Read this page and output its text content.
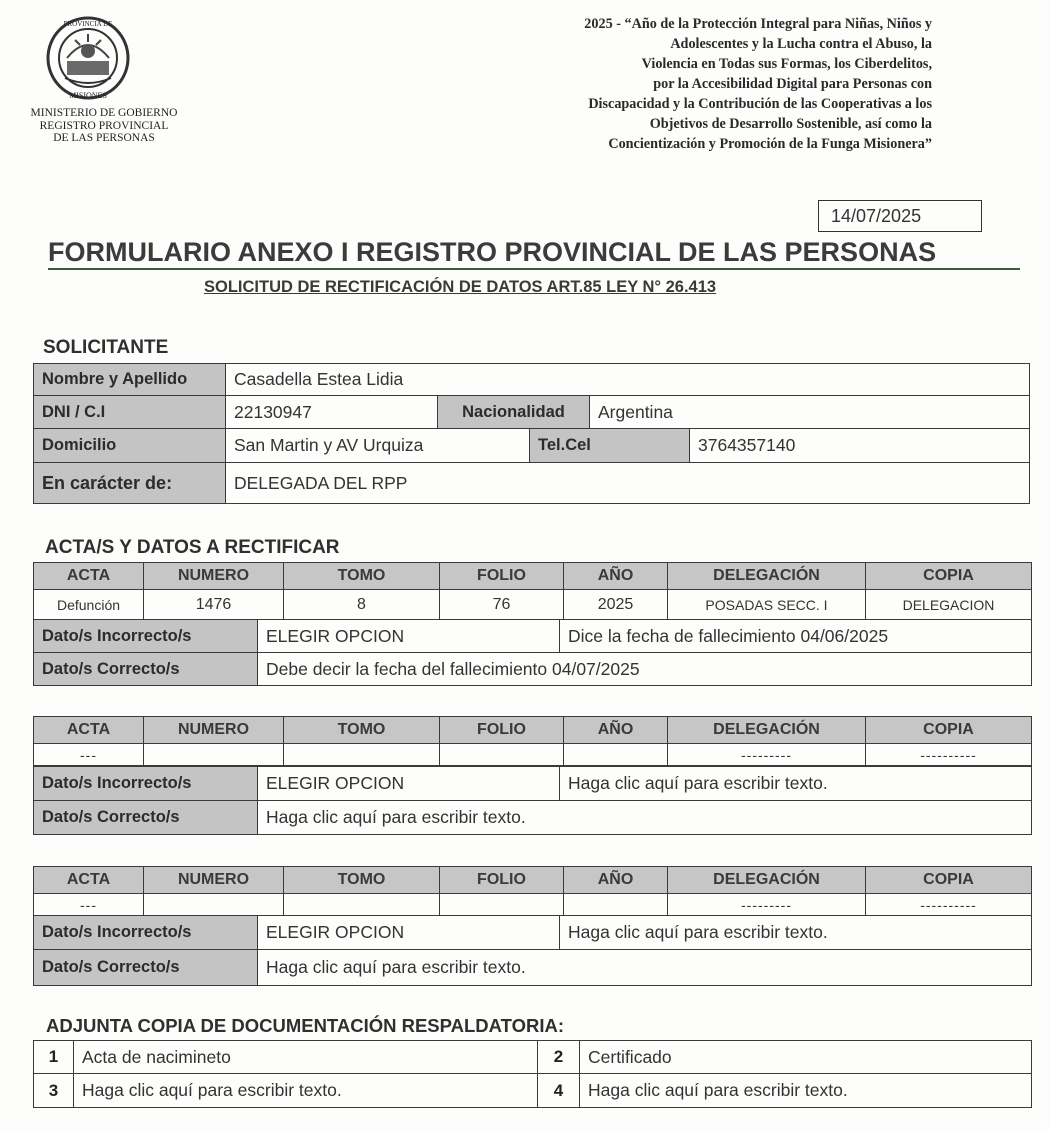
PROVINCIA DE
MISIONES
MINISTERIO DE GOBIERNO
REGISTRO PROVINCIAL
DE LAS PERSONAS
2025 - “Año de la Protección Integral para Niñas, Niños y
Adolescentes y la Lucha contra el Abuso, la
Violencia en Todas sus Formas, los Ciberdelitos,
por la Accesibilidad Digital para Personas con
Discapacidad y la Contribución de las Cooperativas a los
Objetivos de Desarrollo Sostenible, así como la
Concientización y Promoción de la Funga Misionera”
14/07/2025
FORMULARIO ANEXO I REGISTRO PROVINCIAL DE LAS PERSONAS
SOLICITUD DE RECTIFICACIÓN DE DATOS ART.85 LEY N° 26.413
SOLICITANTE
Nombre y Apellido	Casadella Estea Lidia				
DNI / C.I	22130947	Nacionalidad		Argentina	
Domicilio	San Martin y AV Urquiza		Tel.Cel		3764357140
En carácter de:	DELEGADA DEL RPP				
ACTA/S Y DATOS A RECTIFICAR
ACTA	NUMERO	TOMO	FOLIO	AÑO	DELEGACIÓN	COPIA
Defunción	1476	8	76	2025	POSADAS SECC. I	DELEGACION
Dato/s Incorrecto/s	ELEGIR OPCION	Dice la fecha de fallecimiento 04/06/2025
Dato/s Correcto/s	Debe decir la fecha del fallecimiento 04/07/2025	
ACTA	NUMERO	TOMO	FOLIO	AÑO	DELEGACIÓN	COPIA
---					---------	----------
Dato/s Incorrecto/s	ELEGIR OPCION	Haga clic aquí para escribir texto.
Dato/s Correcto/s	Haga clic aquí para escribir texto.	
ACTA	NUMERO	TOMO	FOLIO	AÑO	DELEGACIÓN	COPIA
---					---------	----------
Dato/s Incorrecto/s	ELEGIR OPCION	Haga clic aquí para escribir texto.
Dato/s Correcto/s	Haga clic aquí para escribir texto.	
ADJUNTA COPIA DE DOCUMENTACIÓN RESPALDATORIA:
1	Acta de nacimineto	2	Certificado
3	Haga clic aquí para escribir texto.	4	Haga clic aquí para escribir texto.
